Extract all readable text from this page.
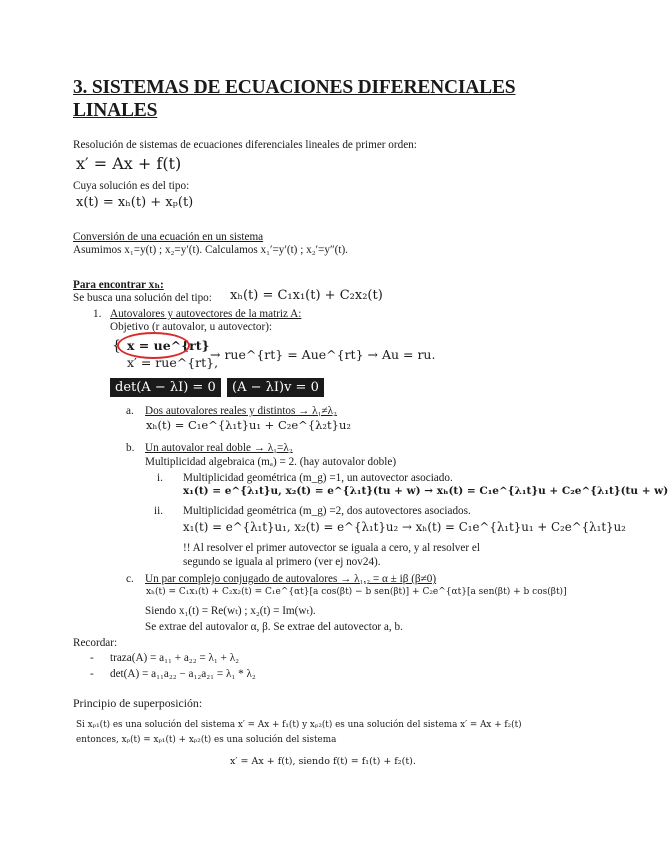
3. SISTEMAS DE ECUACIONES DIFERENCIALES
LINALES
Resolución de sistemas de ecuaciones diferenciales lineales de primer orden:
x′ = Ax + f(t)
Cuya solución es del tipo:
x(t) = xₕ(t) + xₚ(t)
Conversión de una ecuación en un sistema
Asumimos x₁=y(t) ; x₂=y′(t). Calculamos x₁′=y′(t) ; x₂′=y″(t).
Para encontrar xₕ:
Se busca una solución del tipo: xₕ(t) = C₁x₁(t) + C₂x₂(t)
1. Autovalores y autovectores de la matriz A:
Objetivo (r autovalor, u autovector):
{ x = ue^{rt}
x′ = rue^{rt},
→ rue^{rt} = Aue^{rt} → Au = ru.
det(A − λI) = 0	(A − λI)v = 0
a. Dos autovalores reales y distintos → λ₁≠λ₂
xₕ(t) = C₁e^{λ₁t}u₁ + C₂e^{λ₂t}u₂
b. Un autovalor real doble → λ₁=λ₂
Multiplicidad algebraica (mₐ) = 2. (hay autovalor doble)
i. Multiplicidad geométrica (m_g) =1, un autovector asociado.
x₁(t) = e^{λ₁t}u, x₂(t) = e^{λ₁t}(tu + w) → xₕ(t) = C₁e^{λ₁t}u + C₂e^{λ₁t}(tu + w)
ii. Multiplicidad geométrica (m_g) =2, dos autovectores asociados.
x₁(t) = e^{λ₁t}u₁, x₂(t) = e^{λ₁t}u₂ → xₕ(t) = C₁e^{λ₁t}u₁ + C₂e^{λ₁t}u₂
!! Al resolver el primer autovector se iguala a cero, y al resolver el
segundo se iguala al primero (ver ej nov24).
c. Un par complejo conjugado de autovalores → λ₁,₂ = α ± iβ (β≠0)
xₕ(t) = C₁x₁(t) + C₂x₂(t) = C₁e^{αt}[a cos(βt) − b sen(βt)] + C₂e^{αt}[a sen(βt) + b cos(βt)]
Siendo x₁(t) = Re(wₜ) ; x₂(t) = Im(wₜ).
Se extrae del autovalor α, β. Se extrae del autovector a, b.
Recordar:
- traza(A) = a₁₁ + a₂₂ = λ₁ + λ₂
- det(A) = a₁₁a₂₂ − a₁₂a₂₁ = λ₁ * λ₂
Principio de superposición:
Si xₚ₁(t) es una solución del sistema x′ = Ax + f₁(t) y xₚ₂(t) es una solución del sistema x′ = Ax + f₂(t)
entonces, xₚ(t) = xₚ₁(t) + xₚ₂(t) es una solución del sistema
x′ = Ax + f(t), siendo f(t) = f₁(t) + f₂(t).
